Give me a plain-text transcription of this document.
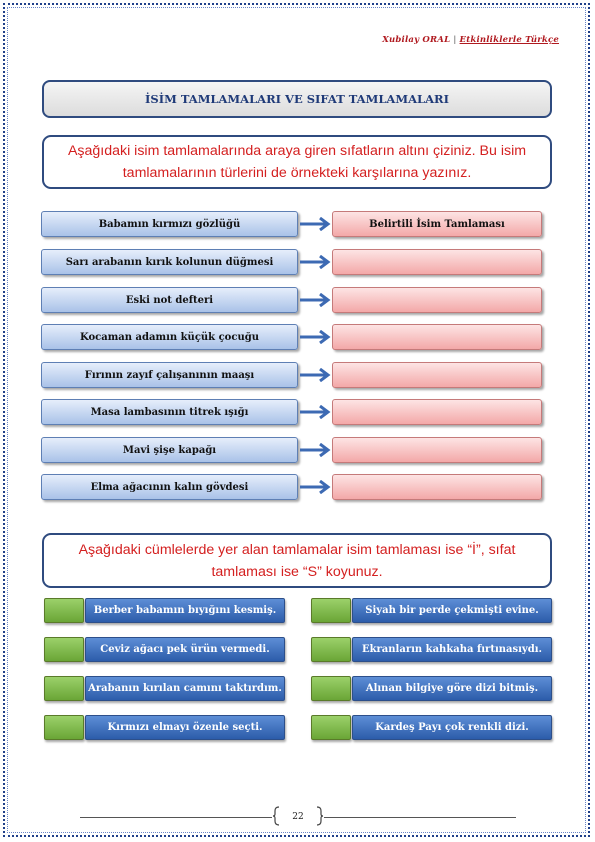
Xubilay ORAL | Etkinliklerle Türkçe
İSİM TAMLAMALARI VE SIFAT TAMLAMALARI
Aşağıdaki isim tamlamalarında araya giren sıfatların altını çiziniz. Bu isim tamlamalarının türlerini de örnekteki karşılarına yazınız.
Babamın kırmızı gözlüğü	Belirtili İsim Tamlaması
Sarı arabanın kırık kolunun düğmesi
Eski not defteri
Kocaman adamın küçük çocuğu
Fırının zayıf çalışanının maaşı
Masa lambasının titrek ışığı
Mavi şişe kapağı
Elma ağacının kalın gövdesi
Aşağıdaki cümlelerde yer alan tamlamalar isim tamlaması ise “İ”, sıfat tamlaması ise “S” koyunuz.
Berber babamın bıyığını kesmiş.	Siyah bir perde çekmişti evine.
Ceviz ağacı pek ürün vermedi.	Ekranların kahkaha fırtınasıydı.
Arabanın kırılan camını taktırdım.	Alınan bilgiye göre dizi bitmiş.
Kırmızı elmayı özenle seçti.	Kardeş Payı çok renkli dizi.
22
